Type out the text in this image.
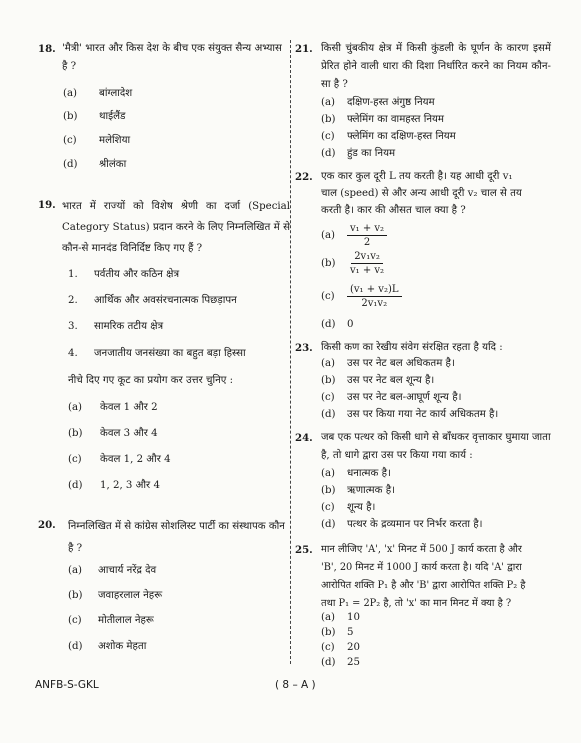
18. 'मैत्री' भारत और किस देश के बीच एक संयुक्त सैन्य अभ्यास है ?
(a) बांग्लादेश
(b) थाईलैंड
(c) मलेशिया
(d) श्रीलंका
19. भारत में राज्यों को विशेष श्रेणी का दर्जा (Special Category Status) प्रदान करने के लिए निम्नलिखित में से कौन-से मानदंड विनिर्दिष्ट किए गए हैं ?
1. पर्वतीय और कठिन क्षेत्र
2. आर्थिक और अवसंरचनात्मक पिछड़ापन
3. सामरिक तटीय क्षेत्र
4. जनजातीय जनसंख्या का बहुत बड़ा हिस्सा
नीचे दिए गए कूट का प्रयोग कर उत्तर चुनिए :
(a) केवल 1 और 2
(b) केवल 3 और 4
(c) केवल 1, 2 और 4
(d) 1, 2, 3 और 4
20. निम्नलिखित में से कांग्रेस सोशलिस्ट पार्टी का संस्थापक कौन है ?
(a) आचार्य नरेंद्र देव
(b) जवाहरलाल नेहरू
(c) मोतीलाल नेहरू
(d) अशोक मेहता
21. किसी चुंबकीय क्षेत्र में किसी कुंडली के घूर्णन के कारण इसमें प्रेरित होने वाली धारा की दिशा निर्धारित करने का नियम कौन-सा है ?
(a) दक्षिण-हस्त अंगुष्ठ नियम
(b) फ्लेमिंग का वामहस्त नियम
(c) फ्लेमिंग का दक्षिण-हस्त नियम
(d) हुंड का नियम
22. एक कार कुल दूरी L तय करती है। यह आधी दूरी v₁
चाल (speed) से और अन्य आधी दूरी v₂ चाल से तय
करती है। कार की औसत चाल क्या है ?
$(a) \frac{\text{v₁ + v₂}}{2}$
$(b) \frac{\text{2v₁v₂}}{\text{v₁ + v₂}}$
$(c) \frac{\text{(v₁ + v₂)L}}{\text{2v₁v₂}}$
(d) 0
23. किसी कण का रेखीय संवेग संरक्षित रहता है यदि :
(a) उस पर नेट बल अधिकतम है।
(b) उस पर नेट बल शून्य है।
(c) उस पर नेट बल-आघूर्ण शून्य है।
(d) उस पर किया गया नेट कार्य अधिकतम है।
24. जब एक पत्थर को किसी धागे से बाँधकर वृत्ताकार घुमाया जाता है, तो धागे द्वारा उस पर किया गया कार्य :
(a) धनात्मक है।
(b) ऋणात्मक है।
(c) शून्य है।
(d) पत्थर के द्रव्यमान पर निर्भर करता है।
25. मान लीजिए 'A', 'x' मिनट में 500 J कार्य करता है और
'B', 20 मिनट में 1000 J कार्य करता है। यदि 'A' द्वारा
आरोपित शक्ति P₁ है और 'B' द्वारा आरोपित शक्ति P₂ है
तथा P₁ = 2P₂ है, तो 'x' का मान मिनट में क्या है ?
(a) 10
(b) 5
(c) 20
(d) 25
ANFB-S-GKL	( 8 – A )
